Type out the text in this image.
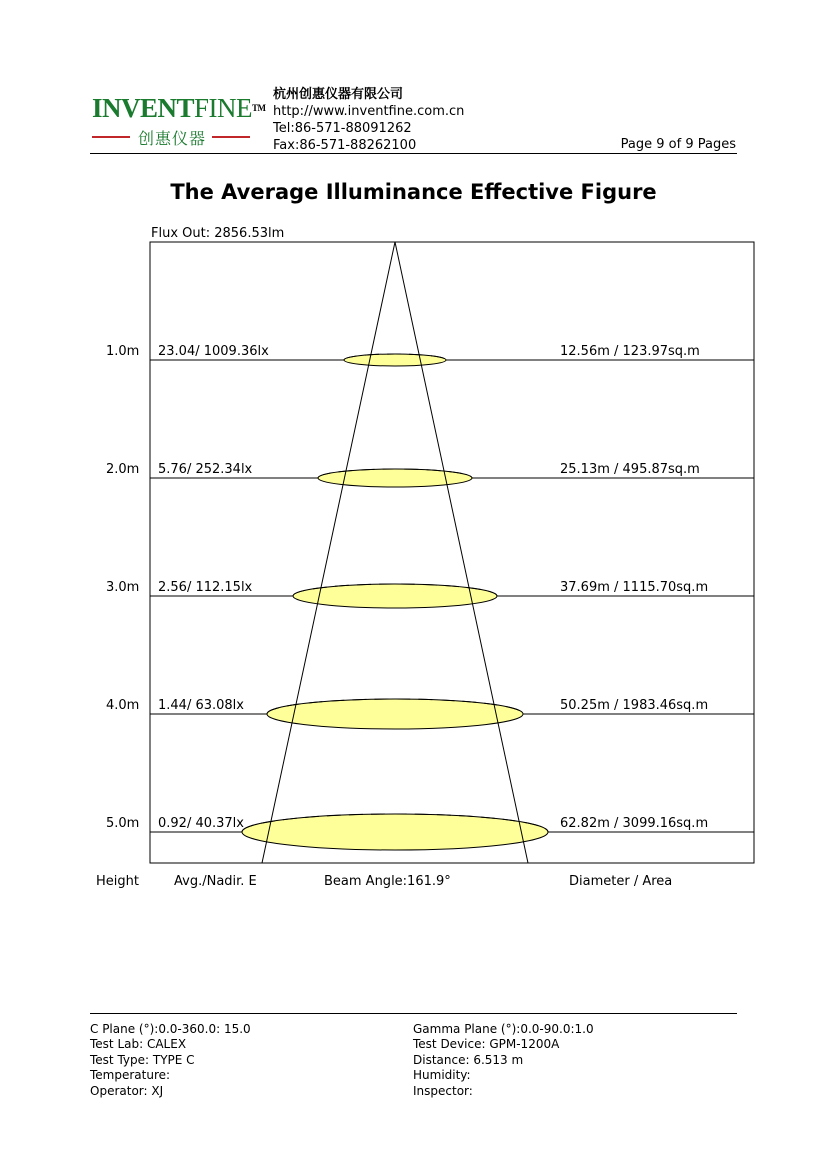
INVENTFINE™
创惠仪器
杭州创惠仪器有限公司
http://www.inventfine.com.cn
Tel:86-571-88091262
Fax:86-571-88262100	Page 9 of 9 Pages
The Average Illuminance Effective Figure
Flux Out: 2856.53lm
1.0m 23.04/ 1009.36lx	12.56m / 123.97sq.m
2.0m 5.76/ 252.34lx	25.13m / 495.87sq.m
3.0m 2.56/ 112.15lx	37.69m / 1115.70sq.m
4.0m 1.44/ 63.08lx	50.25m / 1983.46sq.m
5.0m 0.92/ 40.37lx	62.82m / 3099.16sq.m
Height	Avg./Nadir. E	Beam Angle:161.9°	Diameter / Area
C Plane (°):0.0-360.0: 15.0
Test Lab: CALEX
Test Type: TYPE C
Temperature:
Operator: XJ
Gamma Plane (°):0.0-90.0:1.0
Test Device: GPM-1200A
Distance: 6.513 m
Humidity:
Inspector:
